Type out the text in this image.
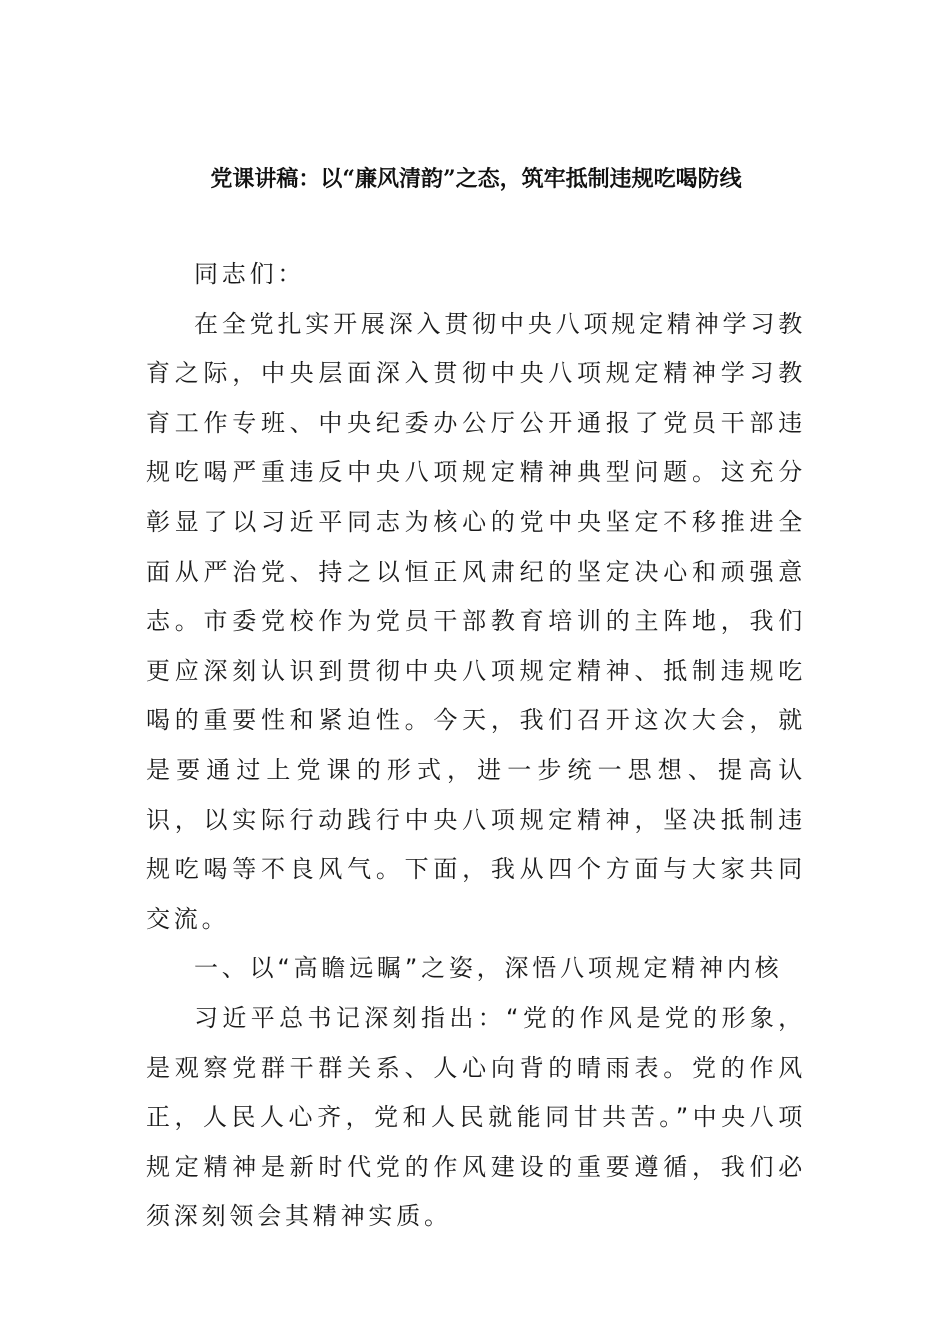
党课讲稿：以“廉风清韵”之态，筑牢抵制违规吃喝防线

同志们：

在全党扎实开展深入贯彻中央八项规定精神学习教育之际，中央层面深入贯彻中央八项规定精神学习教育工作专班、中央纪委办公厅公开通报了党员干部违规吃喝严重违反中央八项规定精神典型问题。这充分彰显了以习近平同志为核心的党中央坚定不移推进全面从严治党、持之以恒正风肃纪的坚定决心和顽强意志。市委党校作为党员干部教育培训的主阵地，我们更应深刻认识到贯彻中央八项规定精神、抵制违规吃喝的重要性和紧迫性。今天，我们召开这次大会，就是要通过上党课的形式，进一步统一思想、提高认识，以实际行动践行中央八项规定精神，坚决抵制违规吃喝等不良风气。下面，我从四个方面与大家共同交流。

一、以“高瞻远瞩”之姿，深悟八项规定精神内核

习近平总书记深刻指出：“党的作风是党的形象，是观察党群干群关系、人心向背的晴雨表。党的作风正，人民人心齐，党和人民就能同甘共苦。”中央八项规定精神是新时代党的作风建设的重要遵循，我们必须深刻领会其精神实质。
